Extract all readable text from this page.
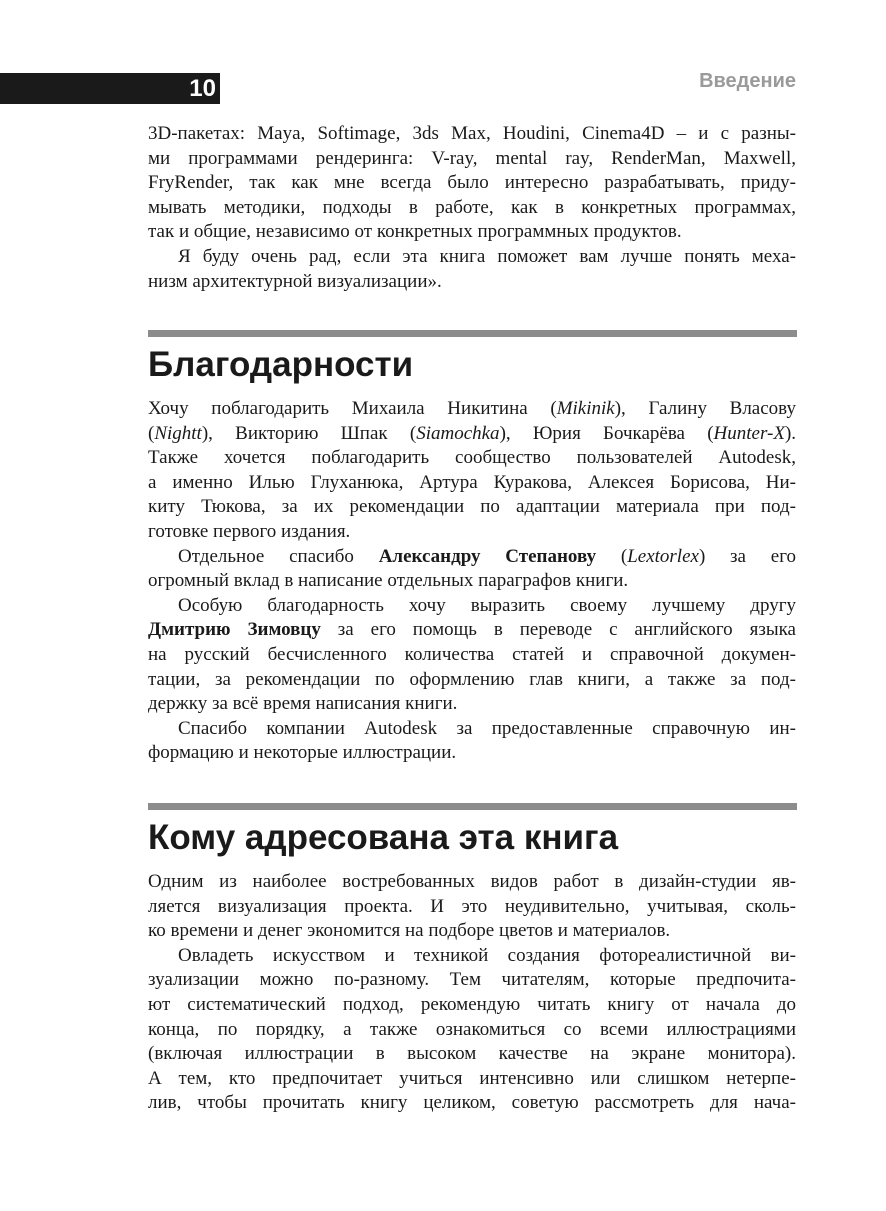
10	Введение
3D-пакетах: Maya, Softimage, 3ds Max, Houdini, Cinema4D – и с разны-
ми программами рендеринга: V-ray, mental ray, RenderMan, Maxwell,
FryRender, так как мне всегда было интересно разрабатывать, приду-
мывать методики, подходы в работе, как в конкретных программах,
так и общие, независимо от конкретных программных продуктов.
Я буду очень рад, если эта книга поможет вам лучше понять меха-
низм архитектурной визуализации».
Благодарности
Хочу поблагодарить Михаила Никитина (Mikinik), Галину Власову
(Nightt), Викторию Шпак (Siamochka), Юрия Бочкарёва (Hunter-X).
Также хочется поблагодарить сообщество пользователей Autodesk,
а именно Илью Глуханюка, Артура Куракова, Алексея Борисова, Ни-
киту Тюкова, за их рекомендации по адаптации материала при под-
готовке первого издания.
Отдельное спасибо Александру Степанову (Lextorlex) за его
огромный вклад в написание отдельных параграфов книги.
Особую благодарность хочу выразить своему лучшему другу
Дмитрию Зимовцу за его помощь в переводе с английского языка
на русский бесчисленного количества статей и справочной докумен-
тации, за рекомендации по оформлению глав книги, а также за под-
держку за всё время написания книги.
Спасибо компании Autodesk за предоставленные справочную ин-
формацию и некоторые иллюстрации.
Кому адресована эта книга
Одним из наиболее востребованных видов работ в дизайн-студии яв-
ляется визуализация проекта. И это неудивительно, учитывая, сколь-
ко времени и денег экономится на подборе цветов и материалов.
Овладеть искусством и техникой создания фотореалистичной ви-
зуализации можно по-разному. Тем читателям, которые предпочита-
ют систематический подход, рекомендую читать книгу от начала до
конца, по порядку, а также ознакомиться со всеми иллюстрациями
(включая иллюстрации в высоком качестве на экране монитора).
А тем, кто предпочитает учиться интенсивно или слишком нетерпе-
лив, чтобы прочитать книгу целиком, советую рассмотреть для нача-
